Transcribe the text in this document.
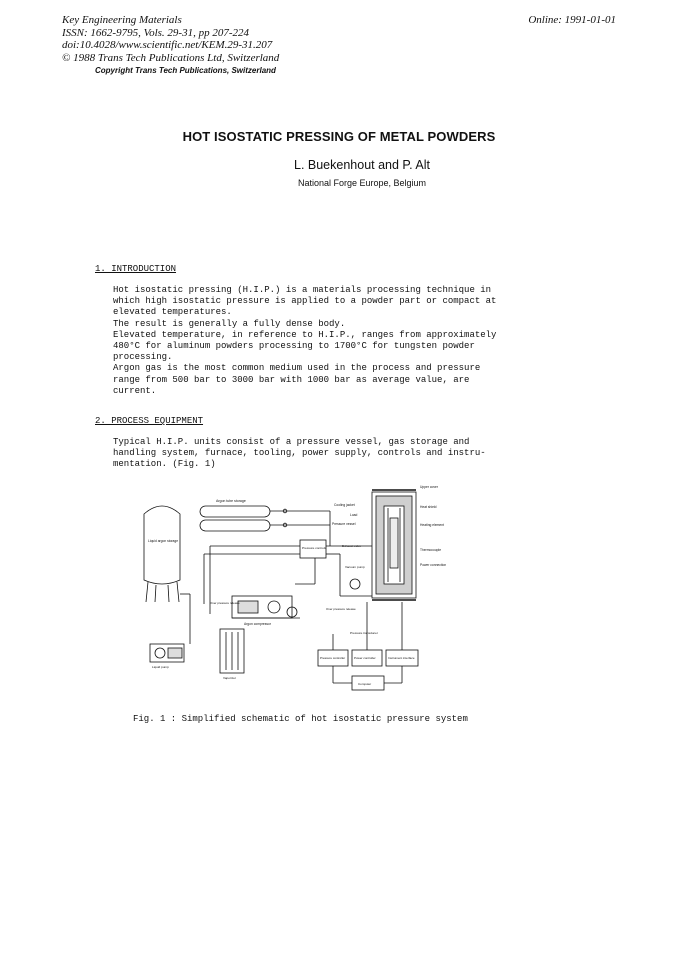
Key Engineering Materials
ISSN: 1662-9795, Vols. 29-31, pp 207-224
doi:10.4028/www.scientific.net/KEM.29-31.207
© 1988 Trans Tech Publications Ltd, Switzerland
Online: 1991-01-01
Copyright Trans Tech Publications, Switzerland
HOT ISOSTATIC PRESSING OF METAL POWDERS
L. Buekenhout and P. Alt
National Forge Europe, Belgium
1. INTRODUCTION
Hot isostatic pressing (H.I.P.) is a materials processing technique in
which high isostatic pressure is applied to a powder part or compact at
elevated temperatures.
The result is generally a fully dense body.
Elevated temperature, in reference to H.I.P., ranges from approximately
480°C for aluminum powders processing to 1700°C for tungsten powder
processing.
Argon gas is the most common medium used in the process and pressure
range from 500 bar to 3000 bar with 1000 bar as average value, are
current.
2. PROCESS EQUIPMENT
Typical H.I.P. units consist of a pressure vessel, gas storage and
handling system, furnace, tooling, power supply, controls and instru-
mentation. (Fig. 1)
Liquid argon storage
Argon tube storage
Upper cover
Cooling jacket
Load
Pressure vessel
Heat shield
Heating element
Thermocouple
Power connection
Pressure controls	Exhaust valve
Vacuum pump
Argon compressor
Over pressure release
Over pressure release
Pressure transducer
Liquid pump
Vaporizer
Pressure controller	Power controller	Instrument interface
Computer
Fig. 1 : Simplified schematic of hot isostatic pressure system
